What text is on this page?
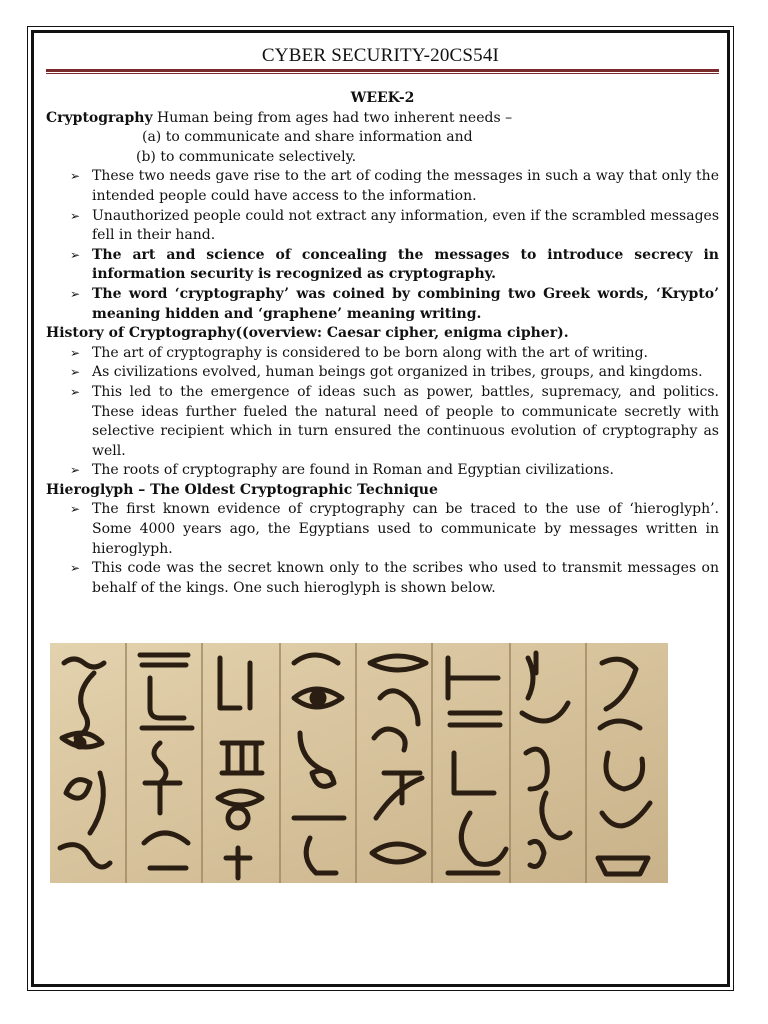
CYBER SECURITY-20CS54I
WEEK-2
Cryptography Human being from ages had two inherent needs –
(a) to communicate and share information and
(b) to communicate selectively.
➢ These two needs gave rise to the art of coding the messages in such a way that only the intended people could have access to the information.
➢ Unauthorized people could not extract any information, even if the scrambled messages fell in their hand.
➢ The art and science of concealing the messages to introduce secrecy in information security is recognized as cryptography.
➢ The word ‘cryptography’ was coined by combining two Greek words, ‘Krypto’ meaning hidden and ‘graphene’ meaning writing.
History of Cryptography((overview: Caesar cipher, enigma cipher).
➢ The art of cryptography is considered to be born along with the art of writing.
➢ As civilizations evolved, human beings got organized in tribes, groups, and kingdoms.
➢ This led to the emergence of ideas such as power, battles, supremacy, and politics. These ideas further fueled the natural need of people to communicate secretly with selective recipient which in turn ensured the continuous evolution of cryptography as well.
➢ The roots of cryptography are found in Roman and Egyptian civilizations.
Hieroglyph – The Oldest Cryptographic Technique
➢ The first known evidence of cryptography can be traced to the use of ‘hieroglyph’. Some 4000 years ago, the Egyptians used to communicate by messages written in hieroglyph.
➢ This code was the secret known only to the scribes who used to transmit messages on behalf of the kings. One such hieroglyph is shown below.
